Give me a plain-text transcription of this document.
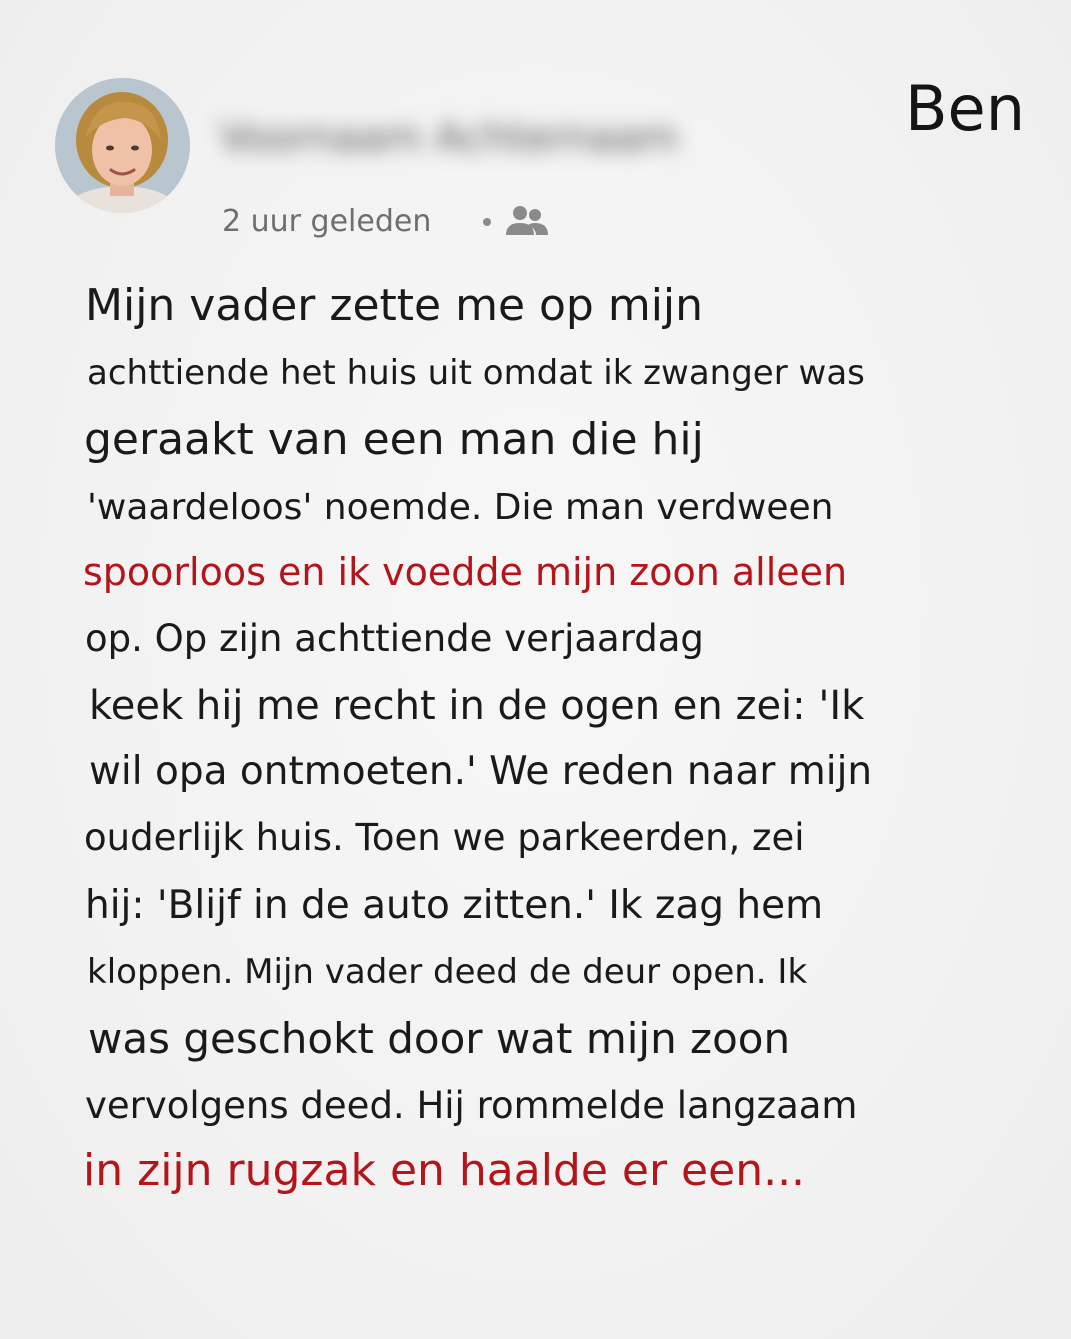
Voornaam Achternaam	Ben
2 uur geleden
Mijn vader zette me op mijn
achttiende het huis uit omdat ik zwanger was
geraakt van een man die hij
'waardeloos' noemde. Die man verdween
spoorloos en ik voedde mijn zoon alleen
op. Op zijn achttiende verjaardag
keek hij me recht in de ogen en zei: 'Ik
wil opa ontmoeten.' We reden naar mijn
ouderlijk huis. Toen we parkeerden, zei
hij: 'Blijf in de auto zitten.' Ik zag hem
kloppen. Mijn vader deed de deur open. Ik
was geschokt door wat mijn zoon
vervolgens deed. Hij rommelde langzaam
in zijn rugzak en haalde er een...
